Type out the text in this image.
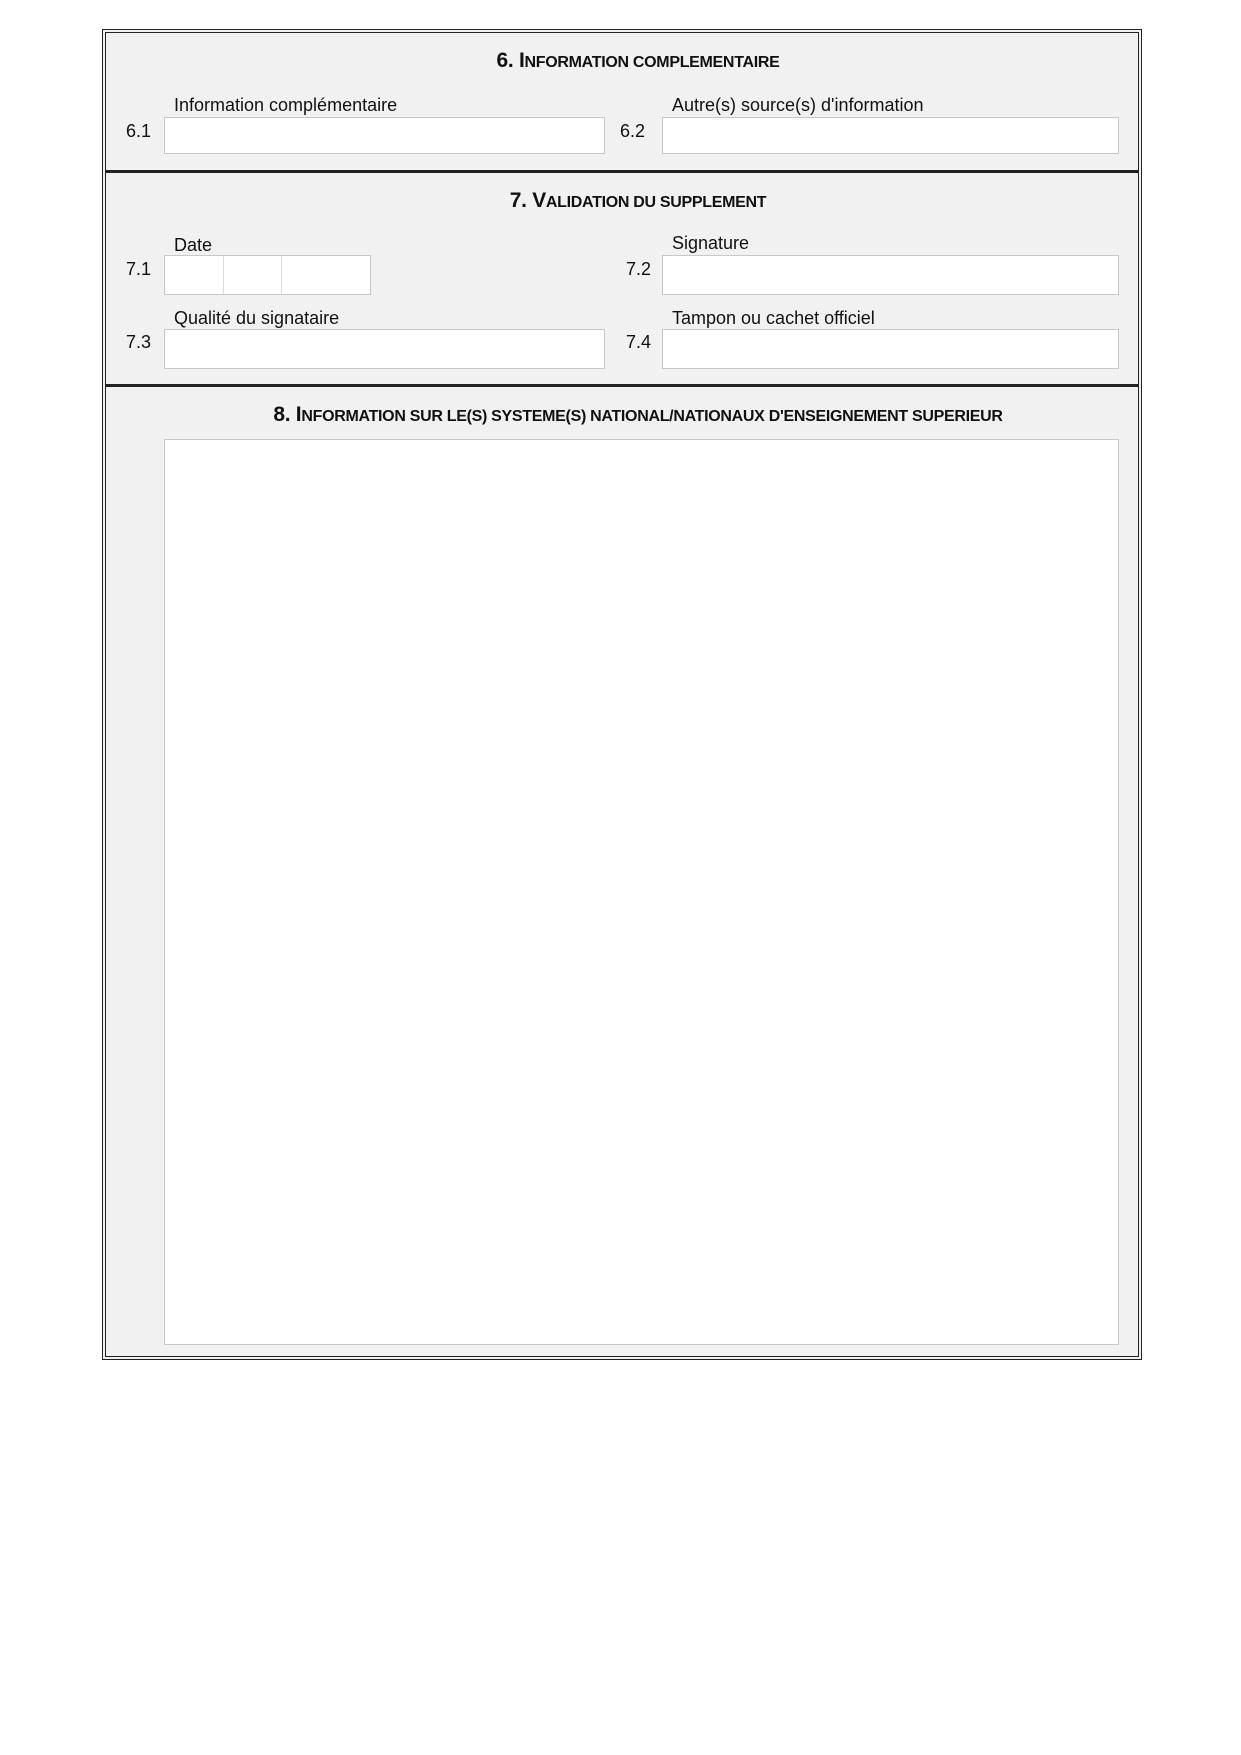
6. INFORMATION COMPLEMENTAIRE
Information complémentaire
6.1
Autre(s) source(s) d'information
6.2
7. VALIDATION DU SUPPLEMENT
Date
7.1
Signature
7.2
Qualité du signataire
7.3
Tampon ou cachet officiel
7.4
8. INFORMATION SUR LE(S) SYSTEME(S) NATIONAL/NATIONAUX D'ENSEIGNEMENT SUPERIEUR
